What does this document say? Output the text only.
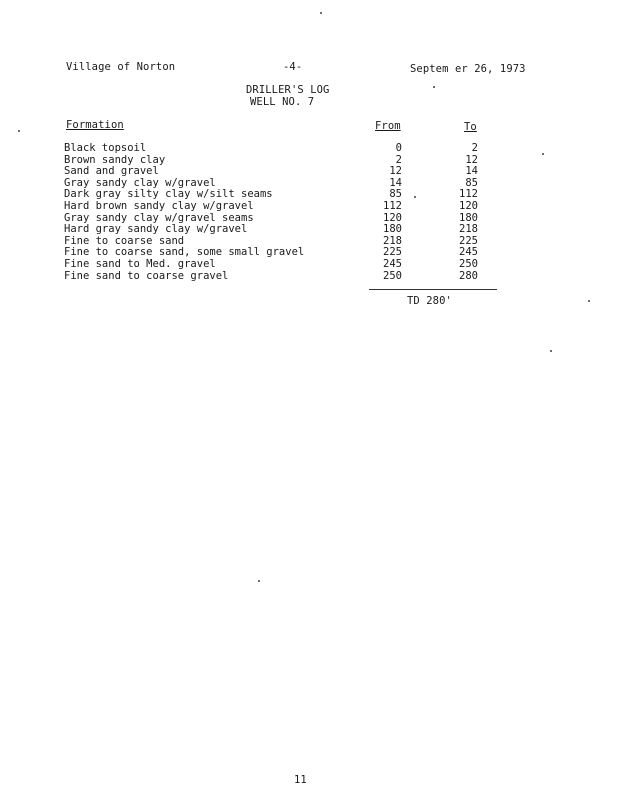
Village of Norton	-4-	Septem er 26, 1973
DRILLER'S LOG
WELL NO. 7
Formation	From	To
Black topsoil	0	2
Brown sandy clay	2	12
Sand and gravel	12	14
Gray sandy clay w/gravel	14	85
Dark gray silty clay w/silt seams	85	112
Hard brown sandy clay w/gravel	112	120
Gray sandy clay w/gravel seams	120	180
Hard gray sandy clay w/gravel	180	218
Fine to coarse sand	218	225
Fine to coarse sand, some small gravel	225	245
Fine sand to Med. gravel	245	250
Fine sand to coarse gravel	250	280
TD 280'
11
